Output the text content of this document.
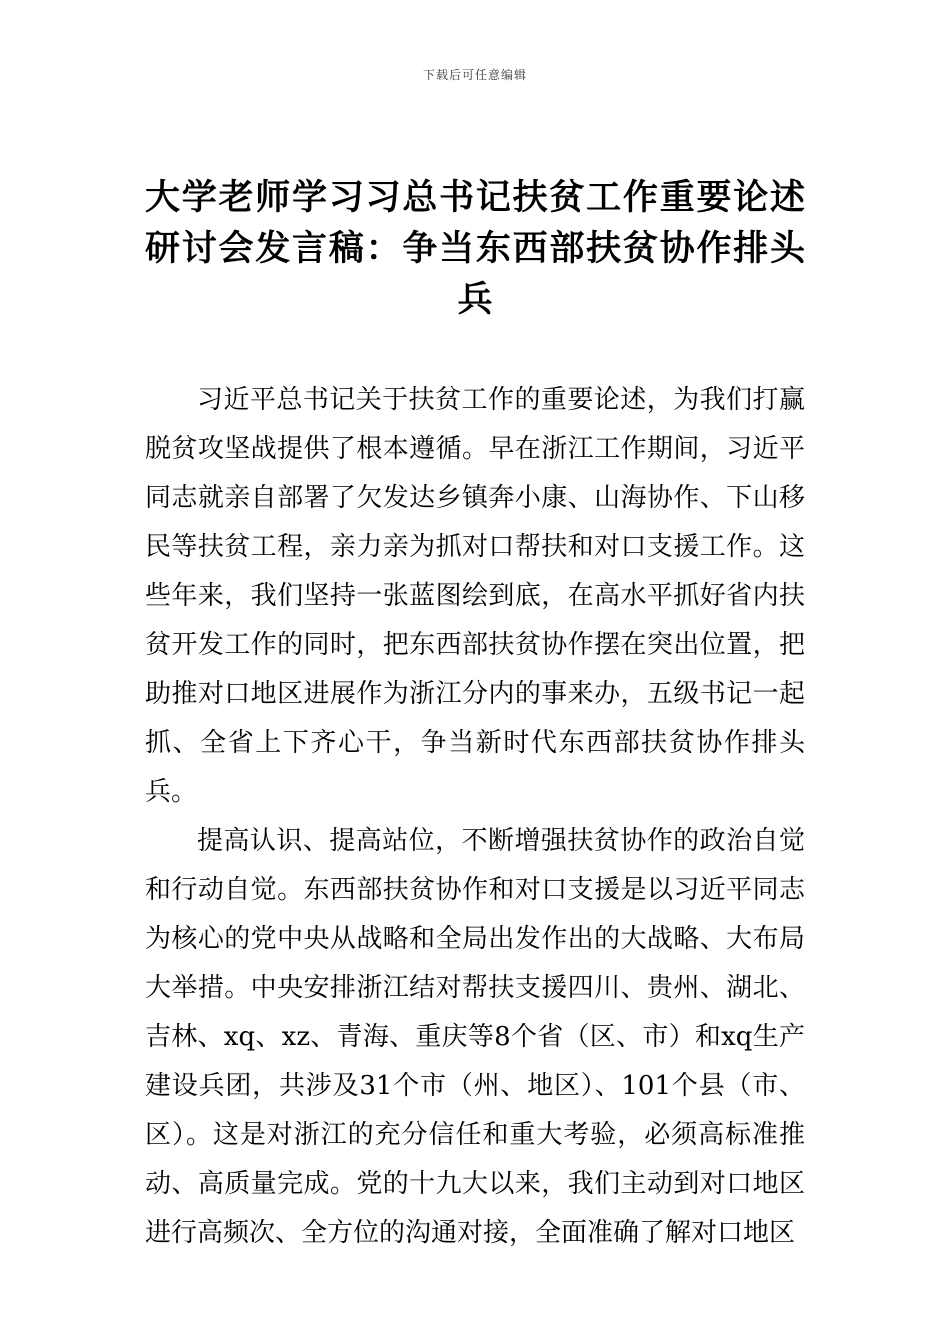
下载后可任意编辑
大学老师学习习总书记扶贫工作重要论述研讨会发言稿：争当东西部扶贫协作排头兵

习近平总书记关于扶贫工作的重要论述，为我们打赢脱贫攻坚战提供了根本遵循。早在浙江工作期间，习近平同志就亲自部署了欠发达乡镇奔小康、山海协作、下山移民等扶贫工程，亲力亲为抓对口帮扶和对口支援工作。这些年来，我们坚持一张蓝图绘到底，在高水平抓好省内扶贫开发工作的同时，把东西部扶贫协作摆在突出位置，把助推对口地区进展作为浙江分内的事来办，五级书记一起抓、全省上下齐心干，争当新时代东西部扶贫协作排头兵。

提高认识、提高站位，不断增强扶贫协作的政治自觉和行动自觉。东西部扶贫协作和对口支援是以习近平同志为核心的党中央从战略和全局出发作出的大战略、大布局大举措。中央安排浙江结对帮扶支援四川、贵州、湖北、吉林、xq、xz、青海、重庆等8个省（区、市）和xq生产建设兵团，共涉及31个市（州、地区）、101个县（市、区）。这是对浙江的充分信任和重大考验，必须高标准推动、高质量完成。党的十九大以来，我们主动到对口地区进行高频次、全方位的沟通对接，全面准确了解对口地区
